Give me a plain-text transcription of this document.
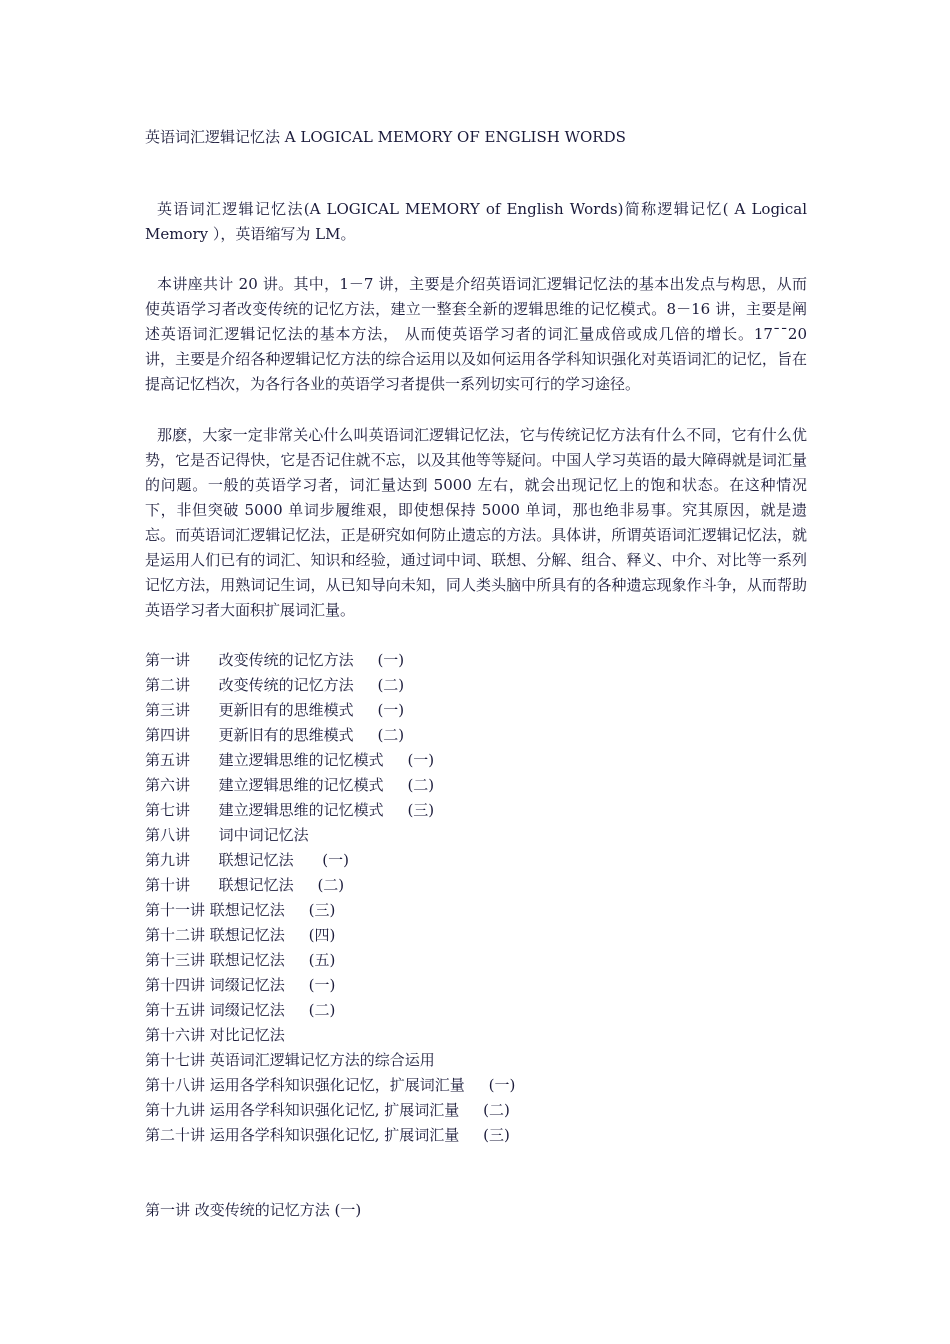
英语词汇逻辑记忆法 A LOGICAL MEMORY OF ENGLISH WORDS

英语词汇逻辑记忆法(A LOGICAL MEMORY of English Words)简称逻辑记忆( A Logical Memory ），英语缩写为 LM。

本讲座共计 20 讲。其中，1－7 讲，主要是介绍英语词汇逻辑记忆法的基本出发点与构思，从而使英语学习者改变传统的记忆方法，建立一整套全新的逻辑思维的记忆模式。8－16 讲，主要是阐述英语词汇逻辑记忆法的基本方法， 从而使英语学习者的词汇量成倍或成几倍的增长。17¯¯20 讲，主要是介绍各种逻辑记忆方法的综合运用以及如何运用各学科知识强化对英语词汇的记忆，旨在提高记忆档次，为各行各业的英语学习者提供一系列切实可行的学习途径。

那麽，大家一定非常关心什么叫英语词汇逻辑记忆法，它与传统记忆方法有什么不同，它有什么优势，它是否记得快，它是否记住就不忘，以及其他等等疑问。中国人学习英语的最大障碍就是词汇量的问题。一般的英语学习者，词汇量达到 5000 左右，就会出现记忆上的饱和状态。在这种情况下，非但突破 5000 单词步履维艰，即使想保持 5000 单词，那也绝非易事。究其原因，就是遗忘。而英语词汇逻辑记忆法，正是研究如何防止遗忘的方法。具体讲，所谓英语词汇逻辑记忆法，就是运用人们已有的词汇、知识和经验，通过词中词、联想、分解、组合、释义、中介、对比等一系列记忆方法，用熟词记生词，从已知导向未知，同人类头脑中所具有的各种遗忘现象作斗争，从而帮助英语学习者大面积扩展词汇量。

第一讲      改变传统的记忆方法     (一)
第二讲      改变传统的记忆方法     (二)
第三讲      更新旧有的思维模式     (一)
第四讲      更新旧有的思维模式     (二)
第五讲      建立逻辑思维的记忆模式     (一)
第六讲      建立逻辑思维的记忆模式     (二)
第七讲      建立逻辑思维的记忆模式     (三)
第八讲      词中词记忆法
第九讲      联想记忆法      (一)
第十讲      联想记忆法     (二)
第十一讲 联想记忆法     (三)
第十二讲 联想记忆法     (四)
第十三讲 联想记忆法     (五)
第十四讲 词缀记忆法     (一)
第十五讲 词缀记忆法     (二)
第十六讲 对比记忆法
第十七讲 英语词汇逻辑记忆方法的综合运用
第十八讲 运用各学科知识强化记忆，扩展词汇量     (一)
第十九讲 运用各学科知识强化记忆, 扩展词汇量     (二)
第二十讲 运用各学科知识强化记忆, 扩展词汇量     (三)
第一讲 改变传统的记忆方法 (一)
